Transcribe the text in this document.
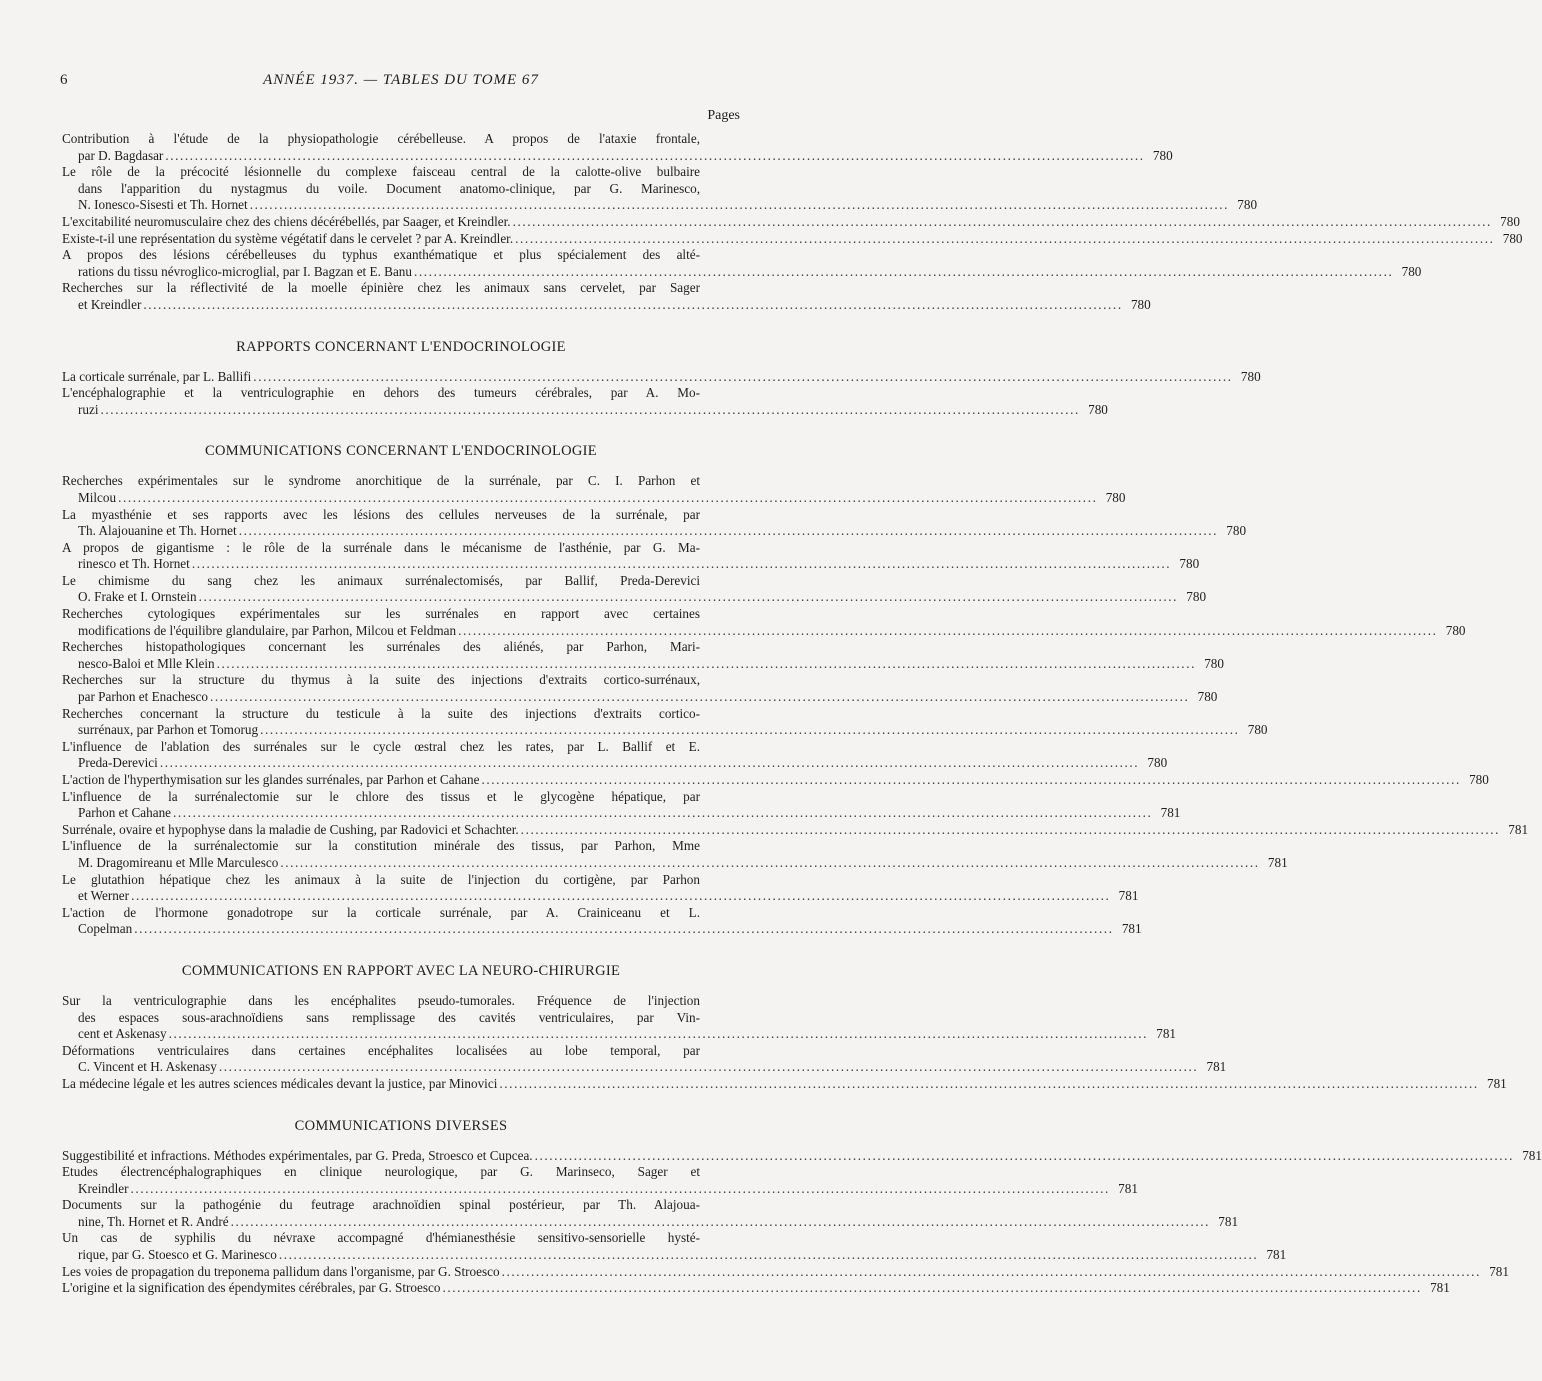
6	ANNÉE 1937. — TABLES DU TOME 67
Pages
Contribution à l'étude de la physiopathologie cérébelleuse. A propos de l'ataxie frontale,
par D. Bagdasar ........................................................................................................................................................................................................ 780
Le rôle de la précocité lésionnelle du complexe faisceau central de la calotte-olive bulbaire
dans l'apparition du nystagmus du voile. Document anatomo-clinique, par G. Marinesco,
N. Ionesco-Sisesti et Th. Hornet ........................................................................................................................................................................................................ 780
L'excitabilité neuromusculaire chez des chiens décérébellés, par Saager, et Kreindler. ........................................................................................................................................................................................................ 780
Existe-t-il une représentation du système végétatif dans le cervelet ? par A. Kreindler. ........................................................................................................................................................................................................ 780
A propos des lésions cérébelleuses du typhus exanthématique et plus spécialement des alté-
rations du tissu névroglico-microglial, par I. Bagzan et E. Banu ........................................................................................................................................................................................................ 780
Recherches sur la réflectivité de la moelle épinière chez les animaux sans cervelet, par Sager
et Kreindler ........................................................................................................................................................................................................ 780
RAPPORTS CONCERNANT L'ENDOCRINOLOGIE
La corticale surrénale, par L. Ballifi ........................................................................................................................................................................................................ 780
L'encéphalographie et la ventriculographie en dehors des tumeurs cérébrales, par A. Mo-
ruzi ........................................................................................................................................................................................................ 780
COMMUNICATIONS CONCERNANT L'ENDOCRINOLOGIE
Recherches expérimentales sur le syndrome anorchitique de la surrénale, par C. I. Parhon et
Milcou ........................................................................................................................................................................................................ 780
La myasthénie et ses rapports avec les lésions des cellules nerveuses de la surrénale, par
Th. Alajouanine et Th. Hornet ........................................................................................................................................................................................................ 780
A propos de gigantisme : le rôle de la surrénale dans le mécanisme de l'asthénie, par G. Ma-
rinesco et Th. Hornet ........................................................................................................................................................................................................ 780
Le chimisme du sang chez les animaux surrénalectomisés, par Ballif, Preda-Derevici
O. Frake et I. Ornstein ........................................................................................................................................................................................................ 780
Recherches cytologiques expérimentales sur les surrénales en rapport avec certaines
modifications de l'équilibre glandulaire, par Parhon, Milcou et Feldman ........................................................................................................................................................................................................ 780
Recherches histopathologiques concernant les surrénales des aliénés, par Parhon, Mari-
nesco-Baloi et Mlle Klein ........................................................................................................................................................................................................ 780
Recherches sur la structure du thymus à la suite des injections d'extraits cortico-surrénaux,
par Parhon et Enachesco ........................................................................................................................................................................................................ 780
Recherches concernant la structure du testicule à la suite des injections d'extraits cortico-
surrénaux, par Parhon et Tomorug ........................................................................................................................................................................................................ 780
L'influence de l'ablation des surrénales sur le cycle œstral chez les rates, par L. Ballif et E.
Preda-Derevici ........................................................................................................................................................................................................ 780
L'action de l'hyperthymisation sur les glandes surrénales, par Parhon et Cahane ........................................................................................................................................................................................................ 780
L'influence de la surrénalectomie sur le chlore des tissus et le glycogène hépatique, par
Parhon et Cahane ........................................................................................................................................................................................................ 781
Surrénale, ovaire et hypophyse dans la maladie de Cushing, par Radovici et Schachter. ........................................................................................................................................................................................................ 781
L'influence de la surrénalectomie sur la constitution minérale des tissus, par Parhon, Mme
M. Dragomireanu et Mlle Marculesco ........................................................................................................................................................................................................ 781
Le glutathion hépatique chez les animaux à la suite de l'injection du cortigène, par Parhon
et Werner ........................................................................................................................................................................................................ 781
L'action de l'hormone gonadotrope sur la corticale surrénale, par A. Crainiceanu et L.
Copelman ........................................................................................................................................................................................................ 781
COMMUNICATIONS EN RAPPORT AVEC LA NEURO-CHIRURGIE
Sur la ventriculographie dans les encéphalites pseudo-tumorales. Fréquence de l'injection
des espaces sous-arachnoïdiens sans remplissage des cavités ventriculaires, par Vin-
cent et Askenasy ........................................................................................................................................................................................................ 781
Déformations ventriculaires dans certaines encéphalites localisées au lobe temporal, par
C. Vincent et H. Askenasy ........................................................................................................................................................................................................ 781
La médecine légale et les autres sciences médicales devant la justice, par Minovici ........................................................................................................................................................................................................ 781
COMMUNICATIONS DIVERSES
Suggestibilité et infractions. Méthodes expérimentales, par G. Preda, Stroesco et Cupcea. ........................................................................................................................................................................................................ 781
Etudes électrencéphalographiques en clinique neurologique, par G. Marinseco, Sager et
Kreindler ........................................................................................................................................................................................................ 781
Documents sur la pathogénie du feutrage arachnoïdien spinal postérieur, par Th. Alajoua-
nine, Th. Hornet et R. André ........................................................................................................................................................................................................ 781
Un cas de syphilis du névraxe accompagné d'hémianesthésie sensitivo-sensorielle hysté-
rique, par G. Stoesco et G. Marinesco ........................................................................................................................................................................................................ 781
Les voies de propagation du treponema pallidum dans l'organisme, par G. Stroesco ........................................................................................................................................................................................................ 781
L'origine et la signification des épendymites cérébrales, par G. Stroesco ........................................................................................................................................................................................................ 781
